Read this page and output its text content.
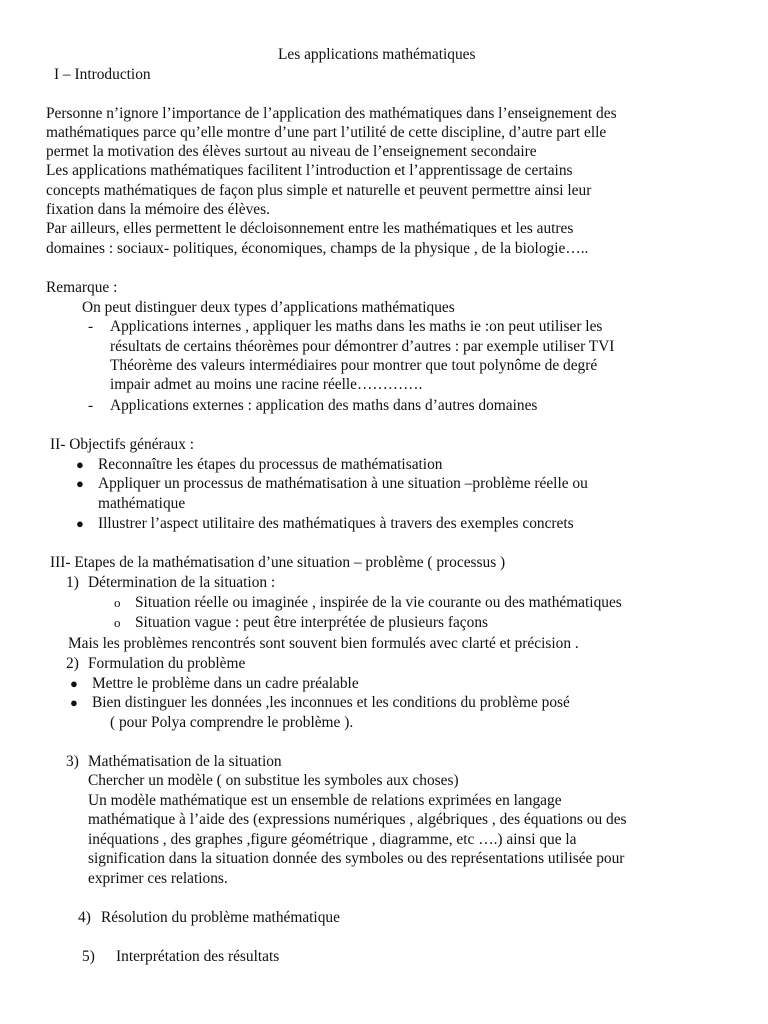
Les applications mathématiques

I – Introduction

Personne n’ignore l’importance de l’application des mathématiques dans l’enseignement des

mathématiques parce qu’elle montre d’une part l’utilité de cette discipline, d’autre part elle

permet la motivation des élèves surtout au niveau de l’enseignement secondaire

Les applications mathématiques facilitent l’introduction et l’apprentissage de certains

concepts mathématiques de façon plus simple et naturelle et peuvent permettre ainsi leur

fixation dans la mémoire des élèves.

Par ailleurs, elles permettent le décloisonnement entre les mathématiques et les autres

domaines : sociaux- politiques, économiques, champs de la physique , de la biologie…..

Remarque :

On peut distinguer deux types d’applications mathématiques

- Applications internes , appliquer les maths dans les maths ie :on peut utiliser les

résultats de certains théorèmes pour démontrer d’autres : par exemple utiliser TVI

Théorème des valeurs intermédiaires pour montrer que tout polynôme de degré

impair admet au moins une racine réelle………….

- Applications externes : application des maths dans d’autres domaines

II- Objectifs généraux :

● Reconnaître les étapes du processus de mathématisation

● Appliquer un processus de mathématisation à une situation –problème réelle ou

mathématique

● Illustrer l’aspect utilitaire des mathématiques à travers des exemples concrets

III- Etapes de la mathématisation d’une situation – problème ( processus )

1) Détermination de la situation :

o Situation réelle ou imaginée , inspirée de la vie courante ou des mathématiques

o Situation vague : peut être interprétée de plusieurs façons

Mais les problèmes rencontrés sont souvent bien formulés avec clarté et précision .

2) Formulation du problème

● Mettre le problème dans un cadre préalable

● Bien distinguer les données ,les inconnues et les conditions du problème posé

( pour Polya comprendre le problème ).

3) Mathématisation de la situation

Chercher un modèle ( on substitue les symboles aux choses)

Un modèle mathématique est un ensemble de relations exprimées en langage

mathématique à l’aide des (expressions numériques , algébriques , des équations ou des

inéquations , des graphes ,figure géométrique , diagramme, etc ….) ainsi que la

signification dans la situation donnée des symboles ou des représentations utilisée pour

exprimer ces relations.

4) Résolution du problème mathématique

5) Interprétation des résultats
